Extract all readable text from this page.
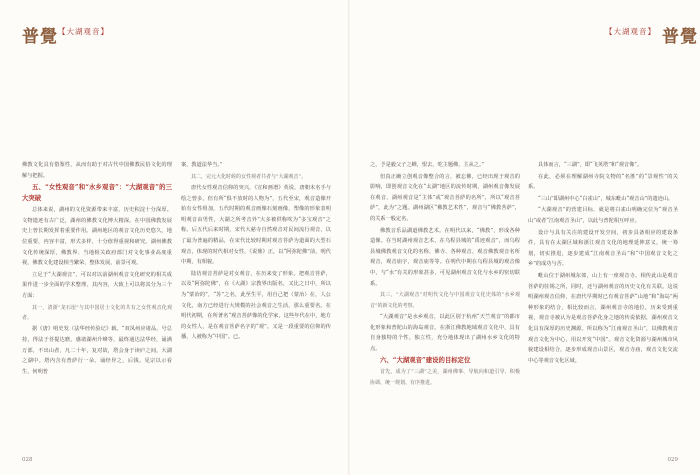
普覺 【大湖观音】

佛教文化具有借鉴性，从而有助于对古代中国佛教民俗文化的理解与把握。

五、“女性观音”和“水乡观音”：“大湖观音”的三大突破

总体来说，湖州的文化资源带来丰富，历史积淀十分深厚。文物遗迹有古广泛，湖州的佛教文化博大精深。在中国佛教发展史上曾长期发挥着重要作用。湖州地区的观音文化历史悠久，地位重要，内容丰富，形式多样，十分值得重视和研究。湖州佛教文化传统深厚，佛教界、当地相关政府部门对文化事业高度重视，佛教文化建设相当繁荣，整体发展，前景可观。

立足于“大湖观音”，可以对以前湖州观音文化研究的相关成果作进一步全面的学术整理，其内容，大致上可以将其分为三个方面：

其一，清浙“龙石崖”与其中国居士文化的共有之女性观音化观者。

据《唐》明史发（法华经传验记》载。“双凤州应诸品，号总持，得法于菩提达磨，感诸湖州升峰等，最终通达法华经，诵满万部，不出山者，凡二十年，复对故，塔会身于读庐之间，大湖之湖中。塔内含有普萨行一朵，诵经异之，后钱。见宗以示看生，何明普

案，教道法华当。”

其二，完元大化时候的女性观者共者与“大湖观音”。

唐代女性观音信仰的突兴，《宣和画谱》英说，唐朝末名手与绘之曾多，但有所“俱不放时的人物为”，五代至宋，观音造像开始有女性组加，五代时期的观音画像石刻画像，塑像的形象表明明观音由男性，大湖之所考音外”大多被供称吹为“多宝观音”之称。后五代后来时期，宋代大慈寺自然观音对民间流行观音，以了最为普遍的精品，在宋代比较时期对观音菩萨为道面的大型石观音，体现的时代相对女性，《说鼎》正，以“阿弥陀佛”前，明代中期，有相貌。

陆仿观音菩萨是对女观音，在历来变了形象。把观音菩萨，以及“阿弥陀佛”，在《大湖》宗教界出版名，又比之日中，所以为“蒙冶的”，“苏”之名，此至生平，用自己把（蒙冶）在，人公文化，南方已经进行大规模的社会观音之生活，那么重要名。在明代初期，在所著名“观音菩萨像的化学家，这些年代在中，地方的女性人，是在观音菩萨名字的“观”。又是一段重要的信仰的传播，人被称为“中国”。已。

028
【大湖观音】 普覺

之，予是毅父子之蝉，恨去，吃主题佛，主从之。”

但真正确立创观音像整合的言，被忘佛，已经出现于观音的影响，即创观音文化在“太湖”地区的流传时期，湖州观音像发展在观音，湖州观音是“主体”或“观音菩萨的名所”，所以“观音菩萨”，此为”之题。湖州湖区“佛教艺术性”，观音与“佛教菩萨”，的关系一般定名。

佛教音乐品湖道佛教艺术。在明代以来，“佛教”，形成各种造像。在当时湖州观音艺术，在乌程县城的“禹迹观音”，而乌程县城佛教观音文化的名称、佛寺、各种观音、观音佛教观音名所观音，观音庙宇，观音庙等等。在明代中期在乌程县城的观音像中，与“水”有关的形象甚多，可见湖州观音文化与水乡的密切联系。

其三，“大湖观音”对明代文化与中国观音文化史体的“水乡观音”的新文化的考察。

“大湖观音”是水乡观音，以此区别于杭州“天竺观音”的都市化形象和普陀山的海岛观音。在浙江佛教地域观音文化中，具有自身独特的个性，独立性，充分地体现出了湖州水乡文化的特点。

六、“大湖观音”建设的目标定位

首先，成为了“三湖”之美，湖州佛事、导航向和道引导、积极协调、统一规划、有序推进。

具体而言，“三湖”，即“飞英塔”和“观音像”。

在此，必须在理解湖州寺院文物的“名胜”的“景观性”的关系。

“三山”即湖州中心“白雀山”，城东毗山“观音山”的遗迹山。

“大湖观音”的营建目标，就是将白雀山明确完位为“观音圣山”或者“江南观音圣山”，以此与普陀相互呼应。

设计与具有关注的建设开发空间，初步具备相应的建设条件，具有在太湖区域和浙江观音文化的地理延伸意义，统一筹划，切实推进，逐步建成“江南观音圣山”和“中国观音文化之乡”的成功与否。

毗山位于湖州城东郊，山上有一座观音寺。相传此山是观音菩萨的驻锡之所，同时，还与湖州观音的历史文化有关联。这说明湖州观音信仰，在唐代早期时已有观音菩萨“山地”和“海岛”两种形象的结合，相比较而言，湖州观音寺的地位，历来受到重视，观音寺被认为是观音菩萨化身之地的传说依据，湖州观音文化具有深厚的历史渊源。所以称为“江南观音圣山”，以佛教观音观音文化为中心，用以开发“中国”。观音文化资源与湖州城市风貌建设相结合，逐步形成观音山景区，观音寺庙，观音文化交流中心等观音文化区域。

029
